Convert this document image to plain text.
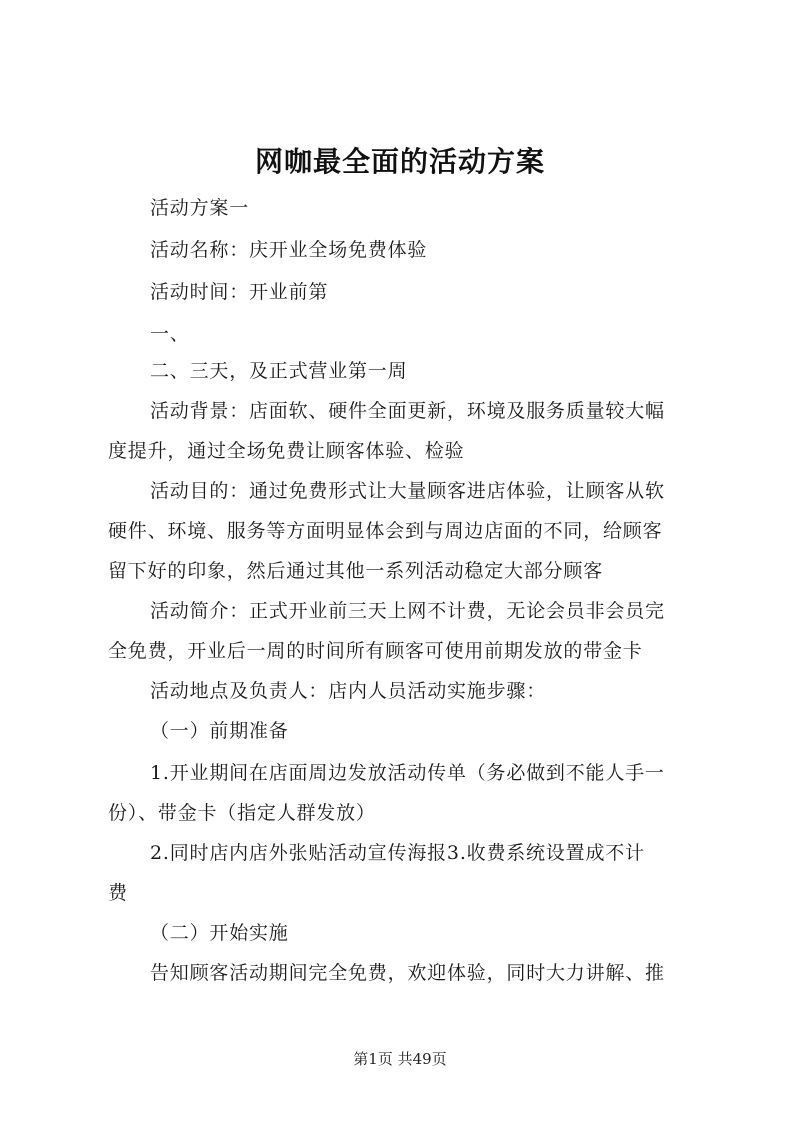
网咖最全面的活动方案
活动方案一
活动名称：庆开业全场免费体验
活动时间：开业前第
一、
二、三天，及正式营业第一周
活动背景：店面软、硬件全面更新，环境及服务质量较大幅
度提升，通过全场免费让顾客体验、检验
活动目的：通过免费形式让大量顾客进店体验，让顾客从软
硬件、环境、服务等方面明显体会到与周边店面的不同，给顾客
留下好的印象，然后通过其他一系列活动稳定大部分顾客
活动简介：正式开业前三天上网不计费，无论会员非会员完
全免费，开业后一周的时间所有顾客可使用前期发放的带金卡
活动地点及负责人：店内人员活动实施步骤：
（一）前期准备
1.开业期间在店面周边发放活动传单（务必做到不能人手一
份）、带金卡（指定人群发放）
2.同时店内店外张贴活动宣传海报3.收费系统设置成不计
费
（二）开始实施
告知顾客活动期间完全免费，欢迎体验，同时大力讲解、推
第1页 共49页
